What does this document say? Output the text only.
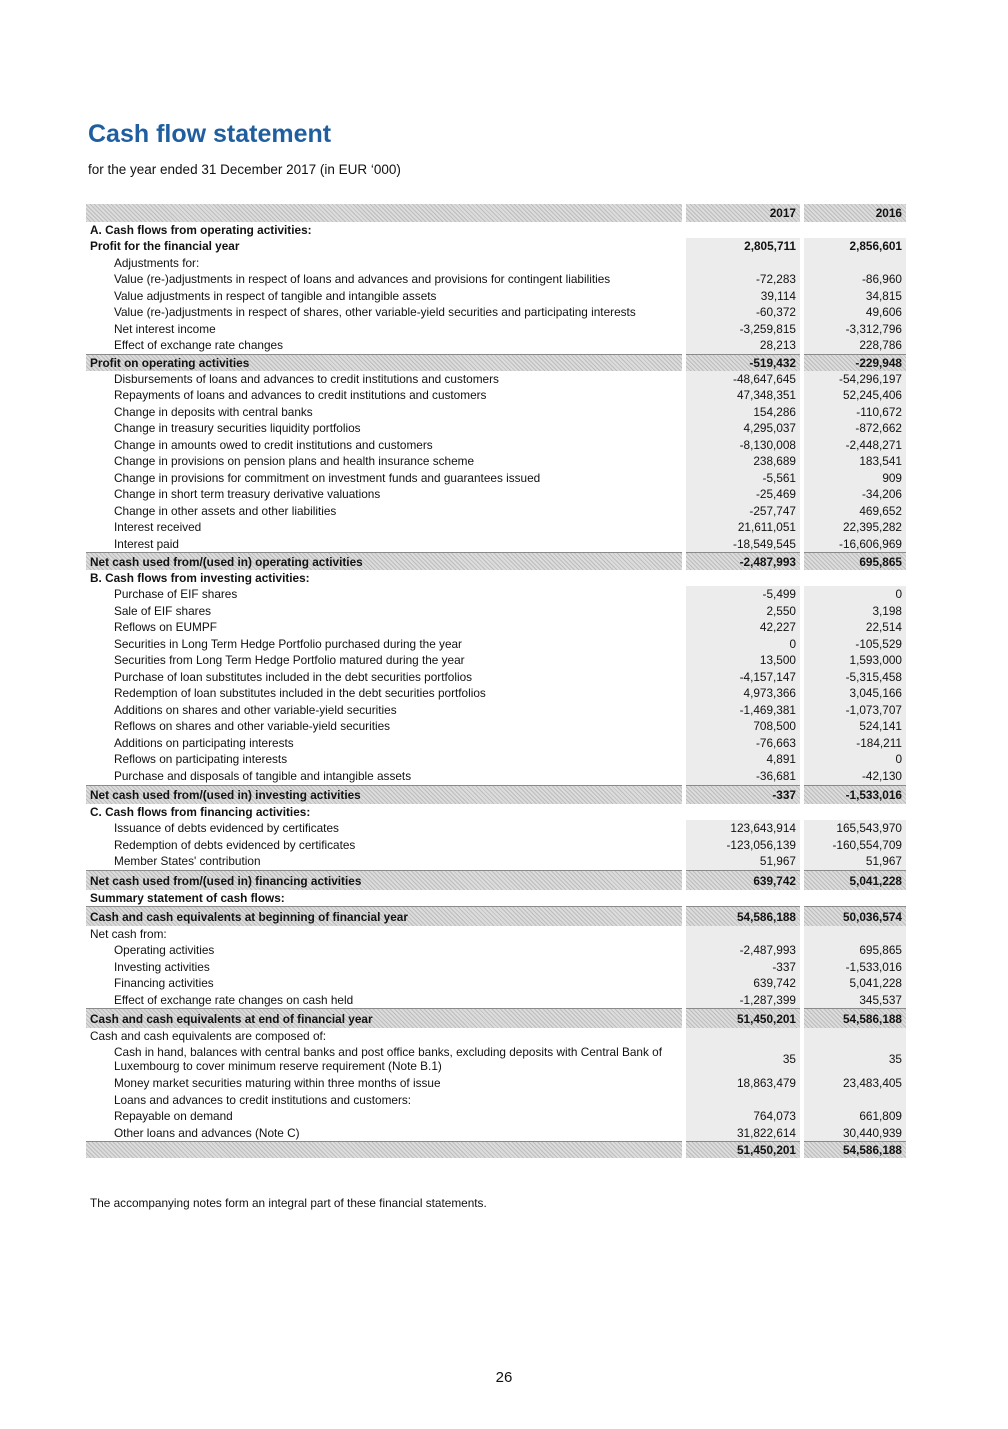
Cash flow statement
for the year ended 31 December 2017 (in EUR ‘000)
2017	2016
A. Cash flows from operating activities:
Profit for the financial year	2,805,711	2,856,601
Adjustments for:
Value (re-)adjustments in respect of loans and advances and provisions for contingent liabilities	-72,283	-86,960
Value adjustments in respect of tangible and intangible assets	39,114	34,815
Value (re-)adjustments in respect of shares, other variable-yield securities and participating interests	-60,372	49,606
Net interest income	-3,259,815	-3,312,796
Effect of exchange rate changes	28,213	228,786
Profit on operating activities	-519,432	-229,948
Disbursements of loans and advances to credit institutions and customers	-48,647,645	-54,296,197
Repayments of loans and advances to credit institutions and customers	47,348,351	52,245,406
Change in deposits with central banks	154,286	-110,672
Change in treasury securities liquidity portfolios	4,295,037	-872,662
Change in amounts owed to credit institutions and customers	-8,130,008	-2,448,271
Change in provisions on pension plans and health insurance scheme	238,689	183,541
Change in provisions for commitment on investment funds and guarantees issued	-5,561	909
Change in short term treasury derivative valuations	-25,469	-34,206
Change in other assets and other liabilities	-257,747	469,652
Interest received	21,611,051	22,395,282
Interest paid	-18,549,545	-16,606,969
Net cash used from/(used in) operating activities	-2,487,993	695,865
B. Cash flows from investing activities:
Purchase of EIF shares	-5,499	0
Sale of EIF shares	2,550	3,198
Reflows on EUMPF	42,227	22,514
Securities in Long Term Hedge Portfolio purchased during the year	0	-105,529
Securities from Long Term Hedge Portfolio matured during the year	13,500	1,593,000
Purchase of loan substitutes included in the debt securities portfolios	-4,157,147	-5,315,458
Redemption of loan substitutes included in the debt securities portfolios	4,973,366	3,045,166
Additions on shares and other variable-yield securities	-1,469,381	-1,073,707
Reflows on shares and other variable-yield securities	708,500	524,141
Additions on participating interests	-76,663	-184,211
Reflows on participating interests	4,891	0
Purchase and disposals of tangible and intangible assets	-36,681	-42,130
Net cash used from/(used in) investing activities	-337	-1,533,016
C. Cash flows from financing activities:
Issuance of debts evidenced by certificates	123,643,914	165,543,970
Redemption of debts evidenced by certificates	-123,056,139	-160,554,709
Member States' contribution	51,967	51,967
Net cash used from/(used in) financing activities	639,742	5,041,228
Summary statement of cash flows:
Cash and cash equivalents at beginning of financial year	54,586,188	50,036,574
Net cash from:
Operating activities	-2,487,993	695,865
Investing activities	-337	-1,533,016
Financing activities	639,742	5,041,228
Effect of exchange rate changes on cash held	-1,287,399	345,537
Cash and cash equivalents at end of financial year	51,450,201	54,586,188
Cash and cash equivalents are composed of:
Cash in hand, balances with central banks and post office banks, excluding deposits with Central Bank of Luxembourg to cover minimum reserve requirement (Note B.1)	35	35
Money market securities maturing within three months of issue	18,863,479	23,483,405
Loans and advances to credit institutions and customers:
Repayable on demand	764,073	661,809
Other loans and advances (Note C)	31,822,614	30,440,939
51,450,201	54,586,188
The accompanying notes form an integral part of these financial statements.
26
